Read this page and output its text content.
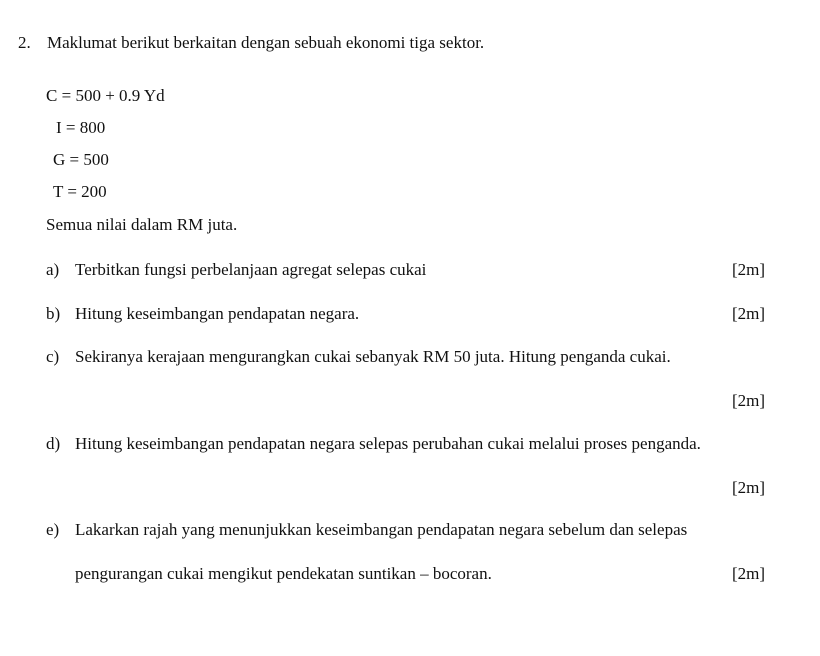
2. Maklumat berikut berkaitan dengan sebuah ekonomi tiga sektor.
C = 500 + 0.9 Yd
I = 800
G = 500
T = 200
Semua nilai dalam RM juta.
a) Terbitkan fungsi perbelanjaan agregat selepas cukai	[2m]
b) Hitung keseimbangan pendapatan negara.	[2m]
c) Sekiranya kerajaan mengurangkan cukai sebanyak RM 50 juta. Hitung penganda cukai.
[2m]
d) Hitung keseimbangan pendapatan negara selepas perubahan cukai melalui proses penganda.
[2m]
e) Lakarkan rajah yang menunjukkan keseimbangan pendapatan negara sebelum dan selepas
pengurangan cukai mengikut pendekatan suntikan – bocoran.	[2m]
